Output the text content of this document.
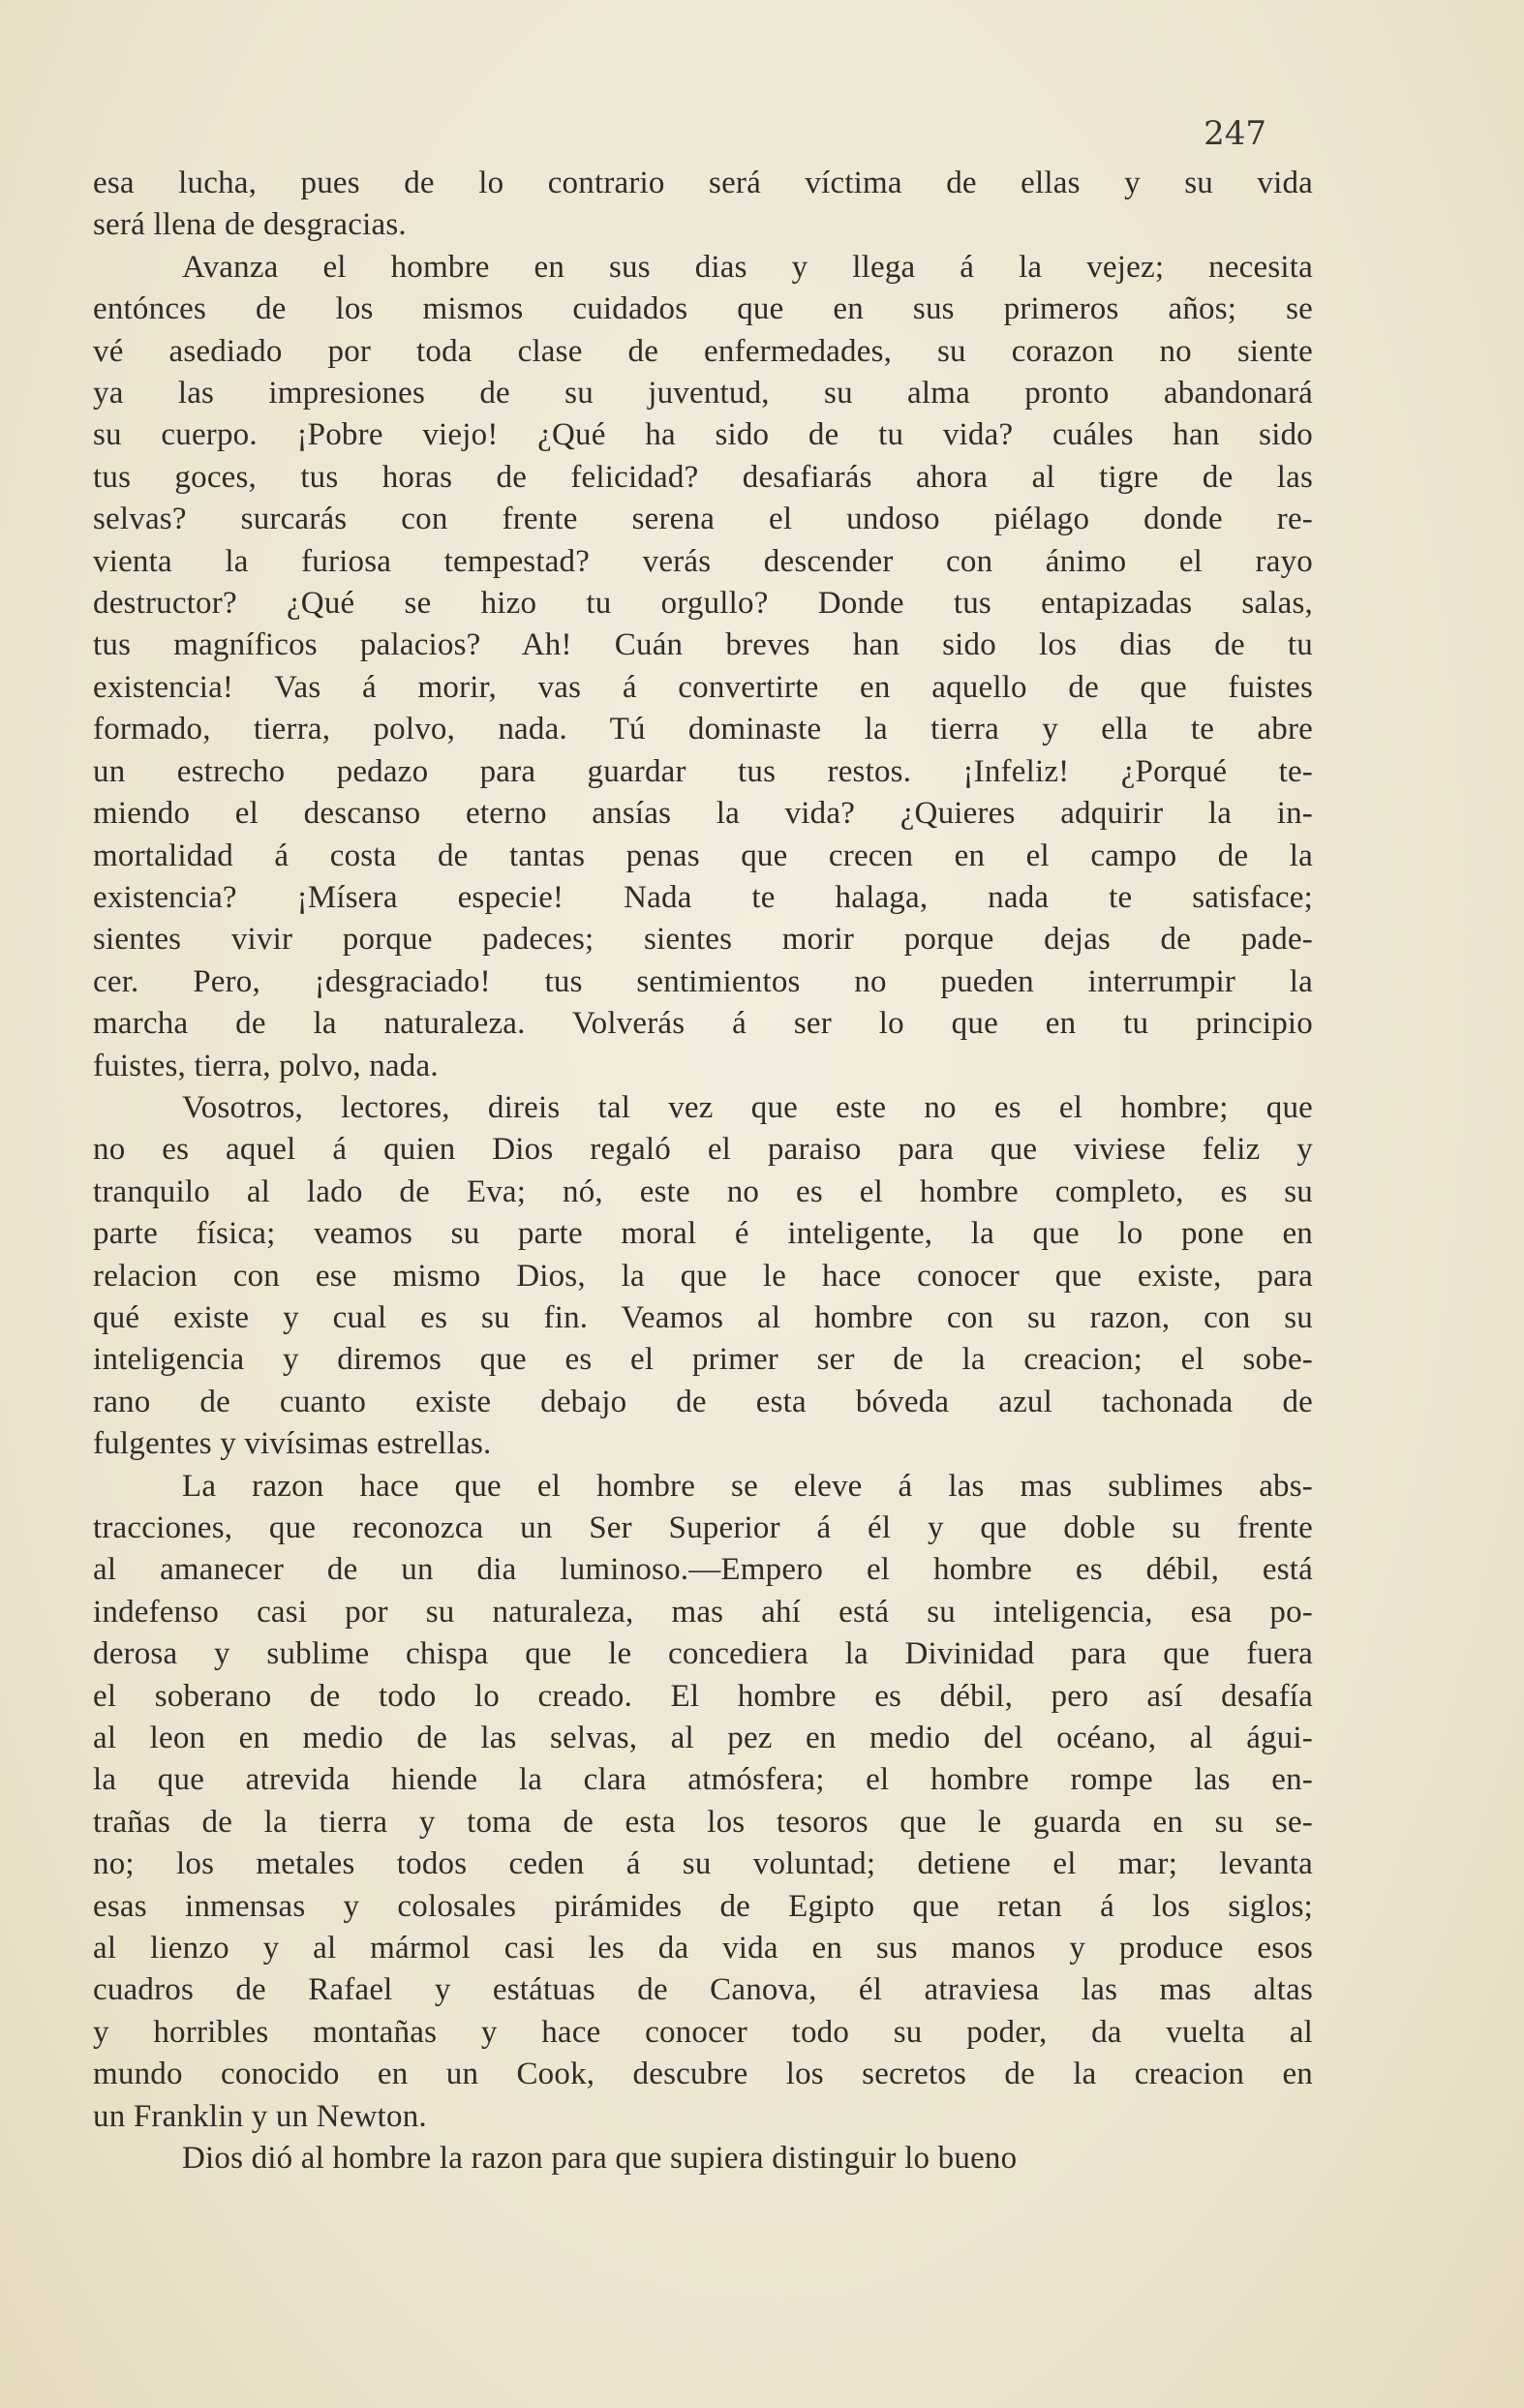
247
esa lucha, pues de lo contrario será víctima de ellas y su vida
será llena de desgracias.
Avanza el hombre en sus dias y llega á la vejez; necesita
entónces de los mismos cuidados que en sus primeros años; se
vé asediado por toda clase de enfermedades, su corazon no siente
ya las impresiones de su juventud, su alma pronto abandonará
su cuerpo. ¡Pobre viejo! ¿Qué ha sido de tu vida? cuáles han sido
tus goces, tus horas de felicidad? desafiarás ahora al tigre de las
selvas? surcarás con frente serena el undoso piélago donde re-
vienta la furiosa tempestad? verás descender con ánimo el rayo
destructor? ¿Qué se hizo tu orgullo? Donde tus entapizadas salas,
tus magníficos palacios? Ah! Cuán breves han sido los dias de tu
existencia! Vas á morir, vas á convertirte en aquello de que fuistes
formado, tierra, polvo, nada. Tú dominaste la tierra y ella te abre
un estrecho pedazo para guardar tus restos. ¡Infeliz! ¿Porqué te-
miendo el descanso eterno ansías la vida? ¿Quieres adquirir la in-
mortalidad á costa de tantas penas que crecen en el campo de la
existencia? ¡Mísera especie! Nada te halaga, nada te satisface;
sientes vivir porque padeces; sientes morir porque dejas de pade-
cer. Pero, ¡desgraciado! tus sentimientos no pueden interrumpir la
marcha de la naturaleza. Volverás á ser lo que en tu principio
fuistes, tierra, polvo, nada.
Vosotros, lectores, direis tal vez que este no es el hombre; que
no es aquel á quien Dios regaló el paraiso para que viviese feliz y
tranquilo al lado de Eva; nó, este no es el hombre completo, es su
parte física; veamos su parte moral é inteligente, la que lo pone en
relacion con ese mismo Dios, la que le hace conocer que existe, para
qué existe y cual es su fin. Veamos al hombre con su razon, con su
inteligencia y diremos que es el primer ser de la creacion; el sobe-
rano de cuanto existe debajo de esta bóveda azul tachonada de
fulgentes y vivísimas estrellas.
La razon hace que el hombre se eleve á las mas sublimes abs-
tracciones, que reconozca un Ser Superior á él y que doble su frente
al amanecer de un dia luminoso.—Empero el hombre es débil, está
indefenso casi por su naturaleza, mas ahí está su inteligencia, esa po-
derosa y sublime chispa que le concediera la Divinidad para que fuera
el soberano de todo lo creado. El hombre es débil, pero así desafía
al leon en medio de las selvas, al pez en medio del océano, al águi-
la que atrevida hiende la clara atmósfera; el hombre rompe las en-
trañas de la tierra y toma de esta los tesoros que le guarda en su se-
no; los metales todos ceden á su voluntad; detiene el mar; levanta
esas inmensas y colosales pirámides de Egipto que retan á los siglos;
al lienzo y al mármol casi les da vida en sus manos y produce esos
cuadros de Rafael y estátuas de Canova, él atraviesa las mas altas
y horribles montañas y hace conocer todo su poder, da vuelta al
mundo conocido en un Cook, descubre los secretos de la creacion en
un Franklin y un Newton.
Dios dió al hombre la razon para que supiera distinguir lo bueno
